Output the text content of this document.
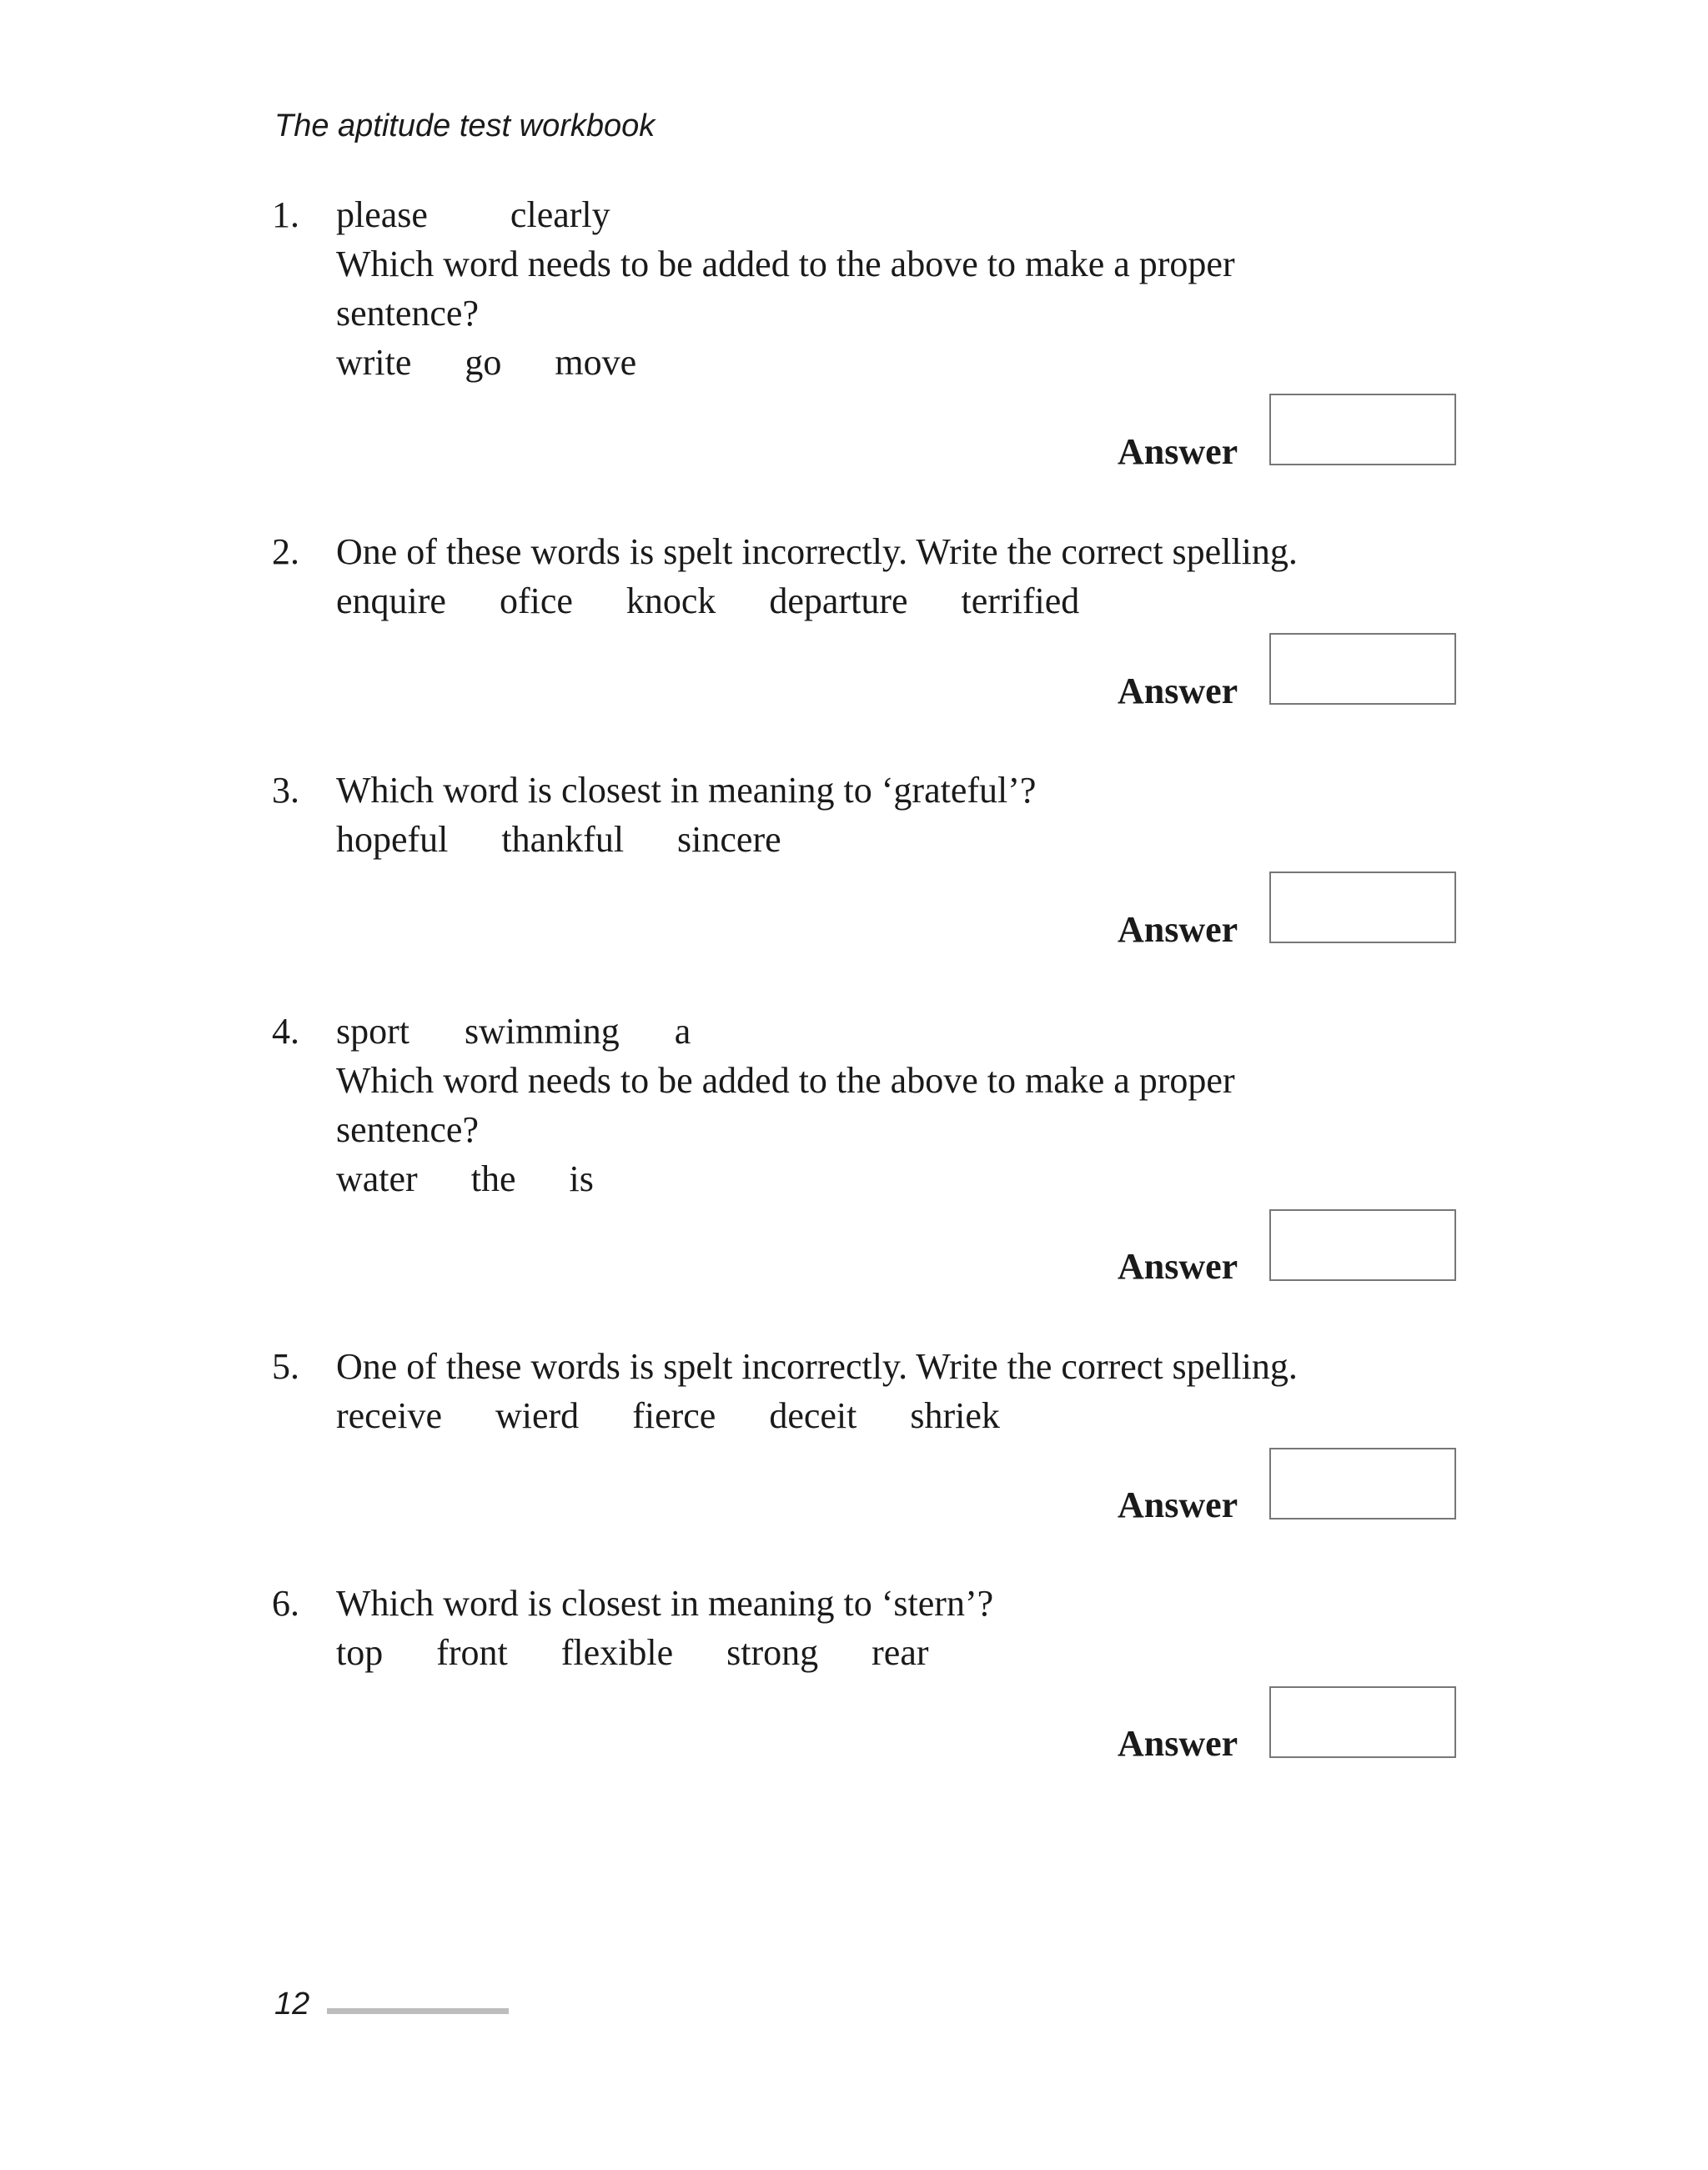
The aptitude test workbook
1. please         clearly
Which word needs to be added to the above to make a proper
sentence?
write go move
Answer
2. One of these words is spelt incorrectly. Write the correct spelling.
enquire ofice knock departure terrified
Answer
3. Which word is closest in meaning to ‘grateful’?
hopeful thankful sincere
Answer
4. sport      swimming      a
Which word needs to be added to the above to make a proper
sentence?
water the is
Answer
5. One of these words is spelt incorrectly. Write the correct spelling.
receive wierd fierce deceit shriek
Answer
6. Which word is closest in meaning to ‘stern’?
top front flexible strong rear
Answer
12
